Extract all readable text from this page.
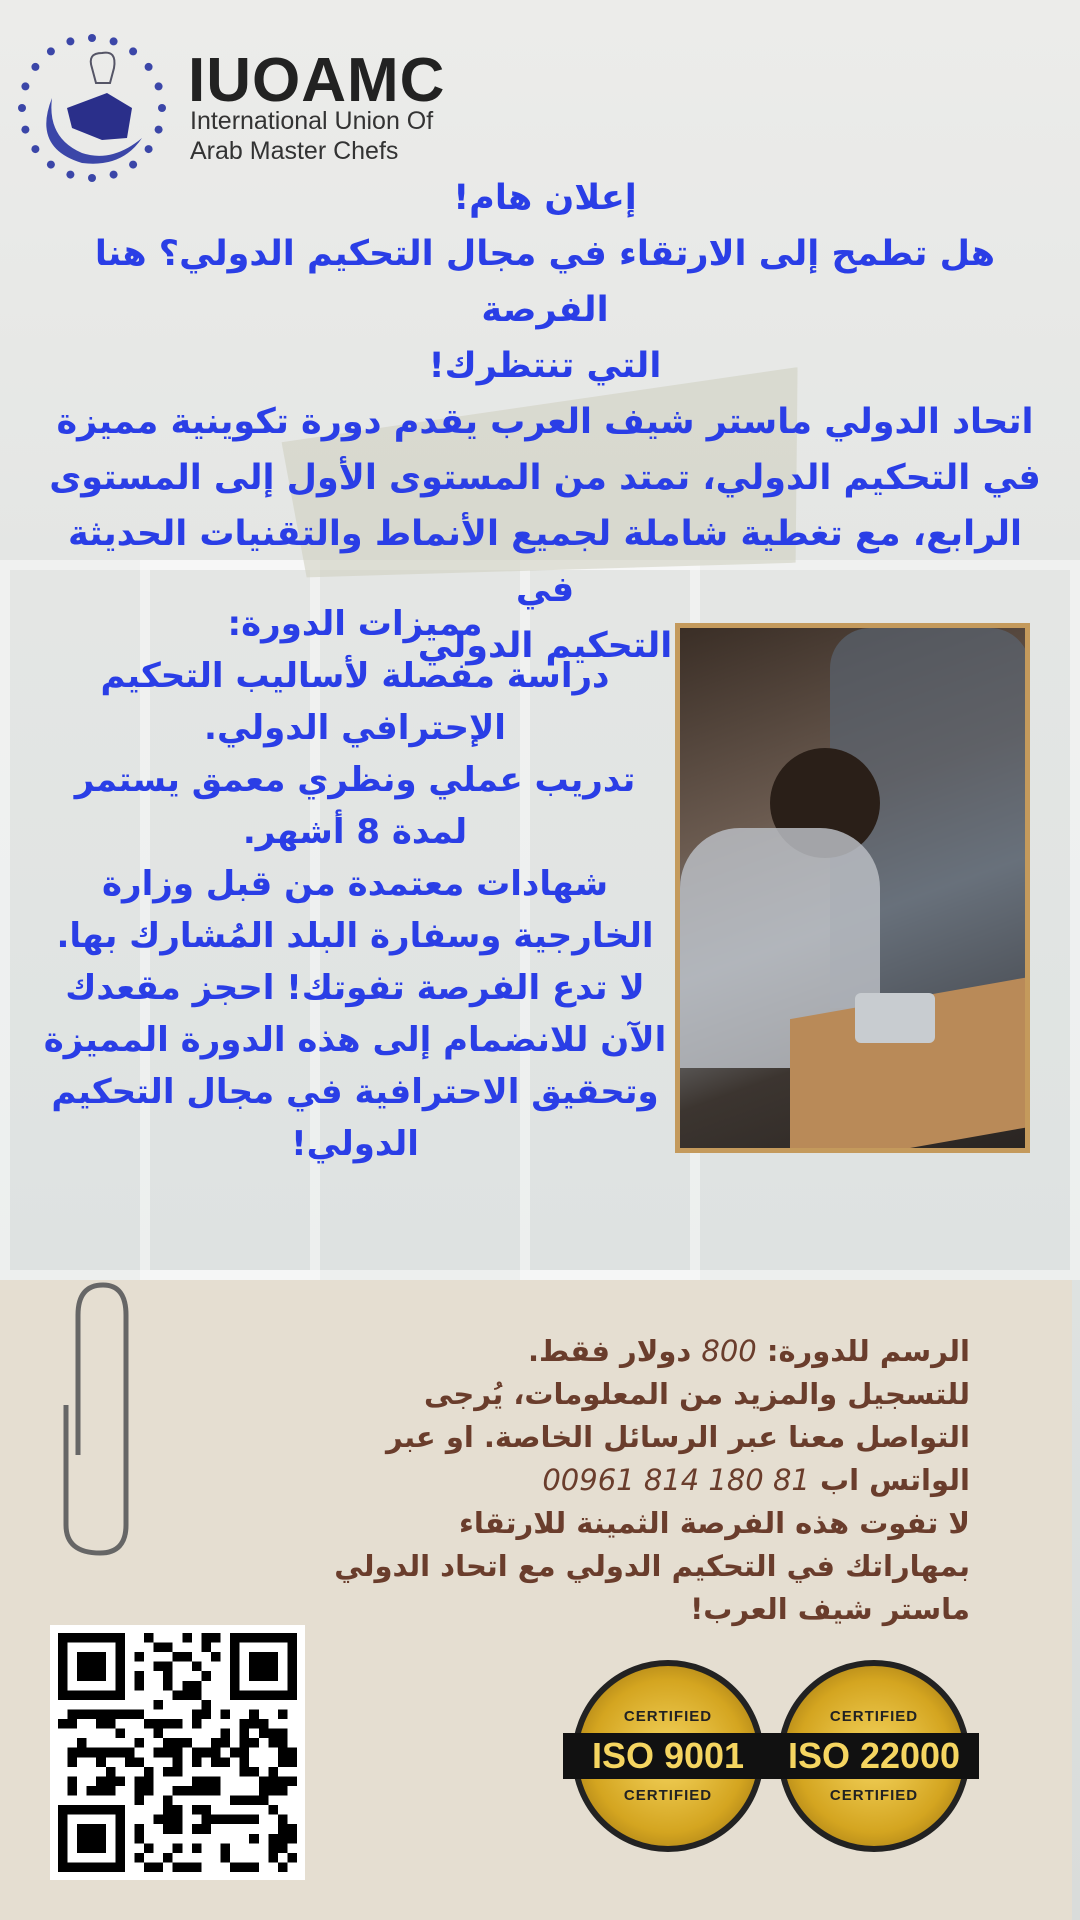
IUOAMC
International Union Of
Arab Master Chefs
إعلان هام!
هل تطمح إلى الارتقاء في مجال التحكيم الدولي؟ هنا الفرصة
التي تنتظرك!
اتحاد الدولي ماستر شيف العرب يقدم دورة تكوينية مميزة
في التحكيم الدولي، تمتد من المستوى الأول إلى المستوى
الرابع، مع تغطية شاملة لجميع الأنماط والتقنيات الحديثة في
التحكيم الدولي
مميزات الدورة:
دراسة مفصلة لأساليب التحكيم
الإحترافي الدولي.
تدريب عملي ونظري معمق يستمر
لمدة 8 أشهر.
شهادات معتمدة من قبل وزارة
الخارجية وسفارة البلد المُشارك بها.
لا تدع الفرصة تفوتك! احجز مقعدك
الآن للانضمام إلى هذه الدورة المميزة
وتحقيق الاحترافية في مجال التحكيم
الدولي!
الرسم للدورة: 800 دولار فقط.
للتسجيل والمزيد من المعلومات، يُرجى
التواصل معنا عبر الرسائل الخاصة. او عبر
الواتس اب 00961 814 180 81
لا تفوت هذه الفرصة الثمينة للارتقاء
بمهاراتك في التحكيم الدولي مع اتحاد الدولي
ماستر شيف العرب!
CERTIFIED
ISO 9001
CERTIFIED
CERTIFIED
ISO 22000
CERTIFIED
